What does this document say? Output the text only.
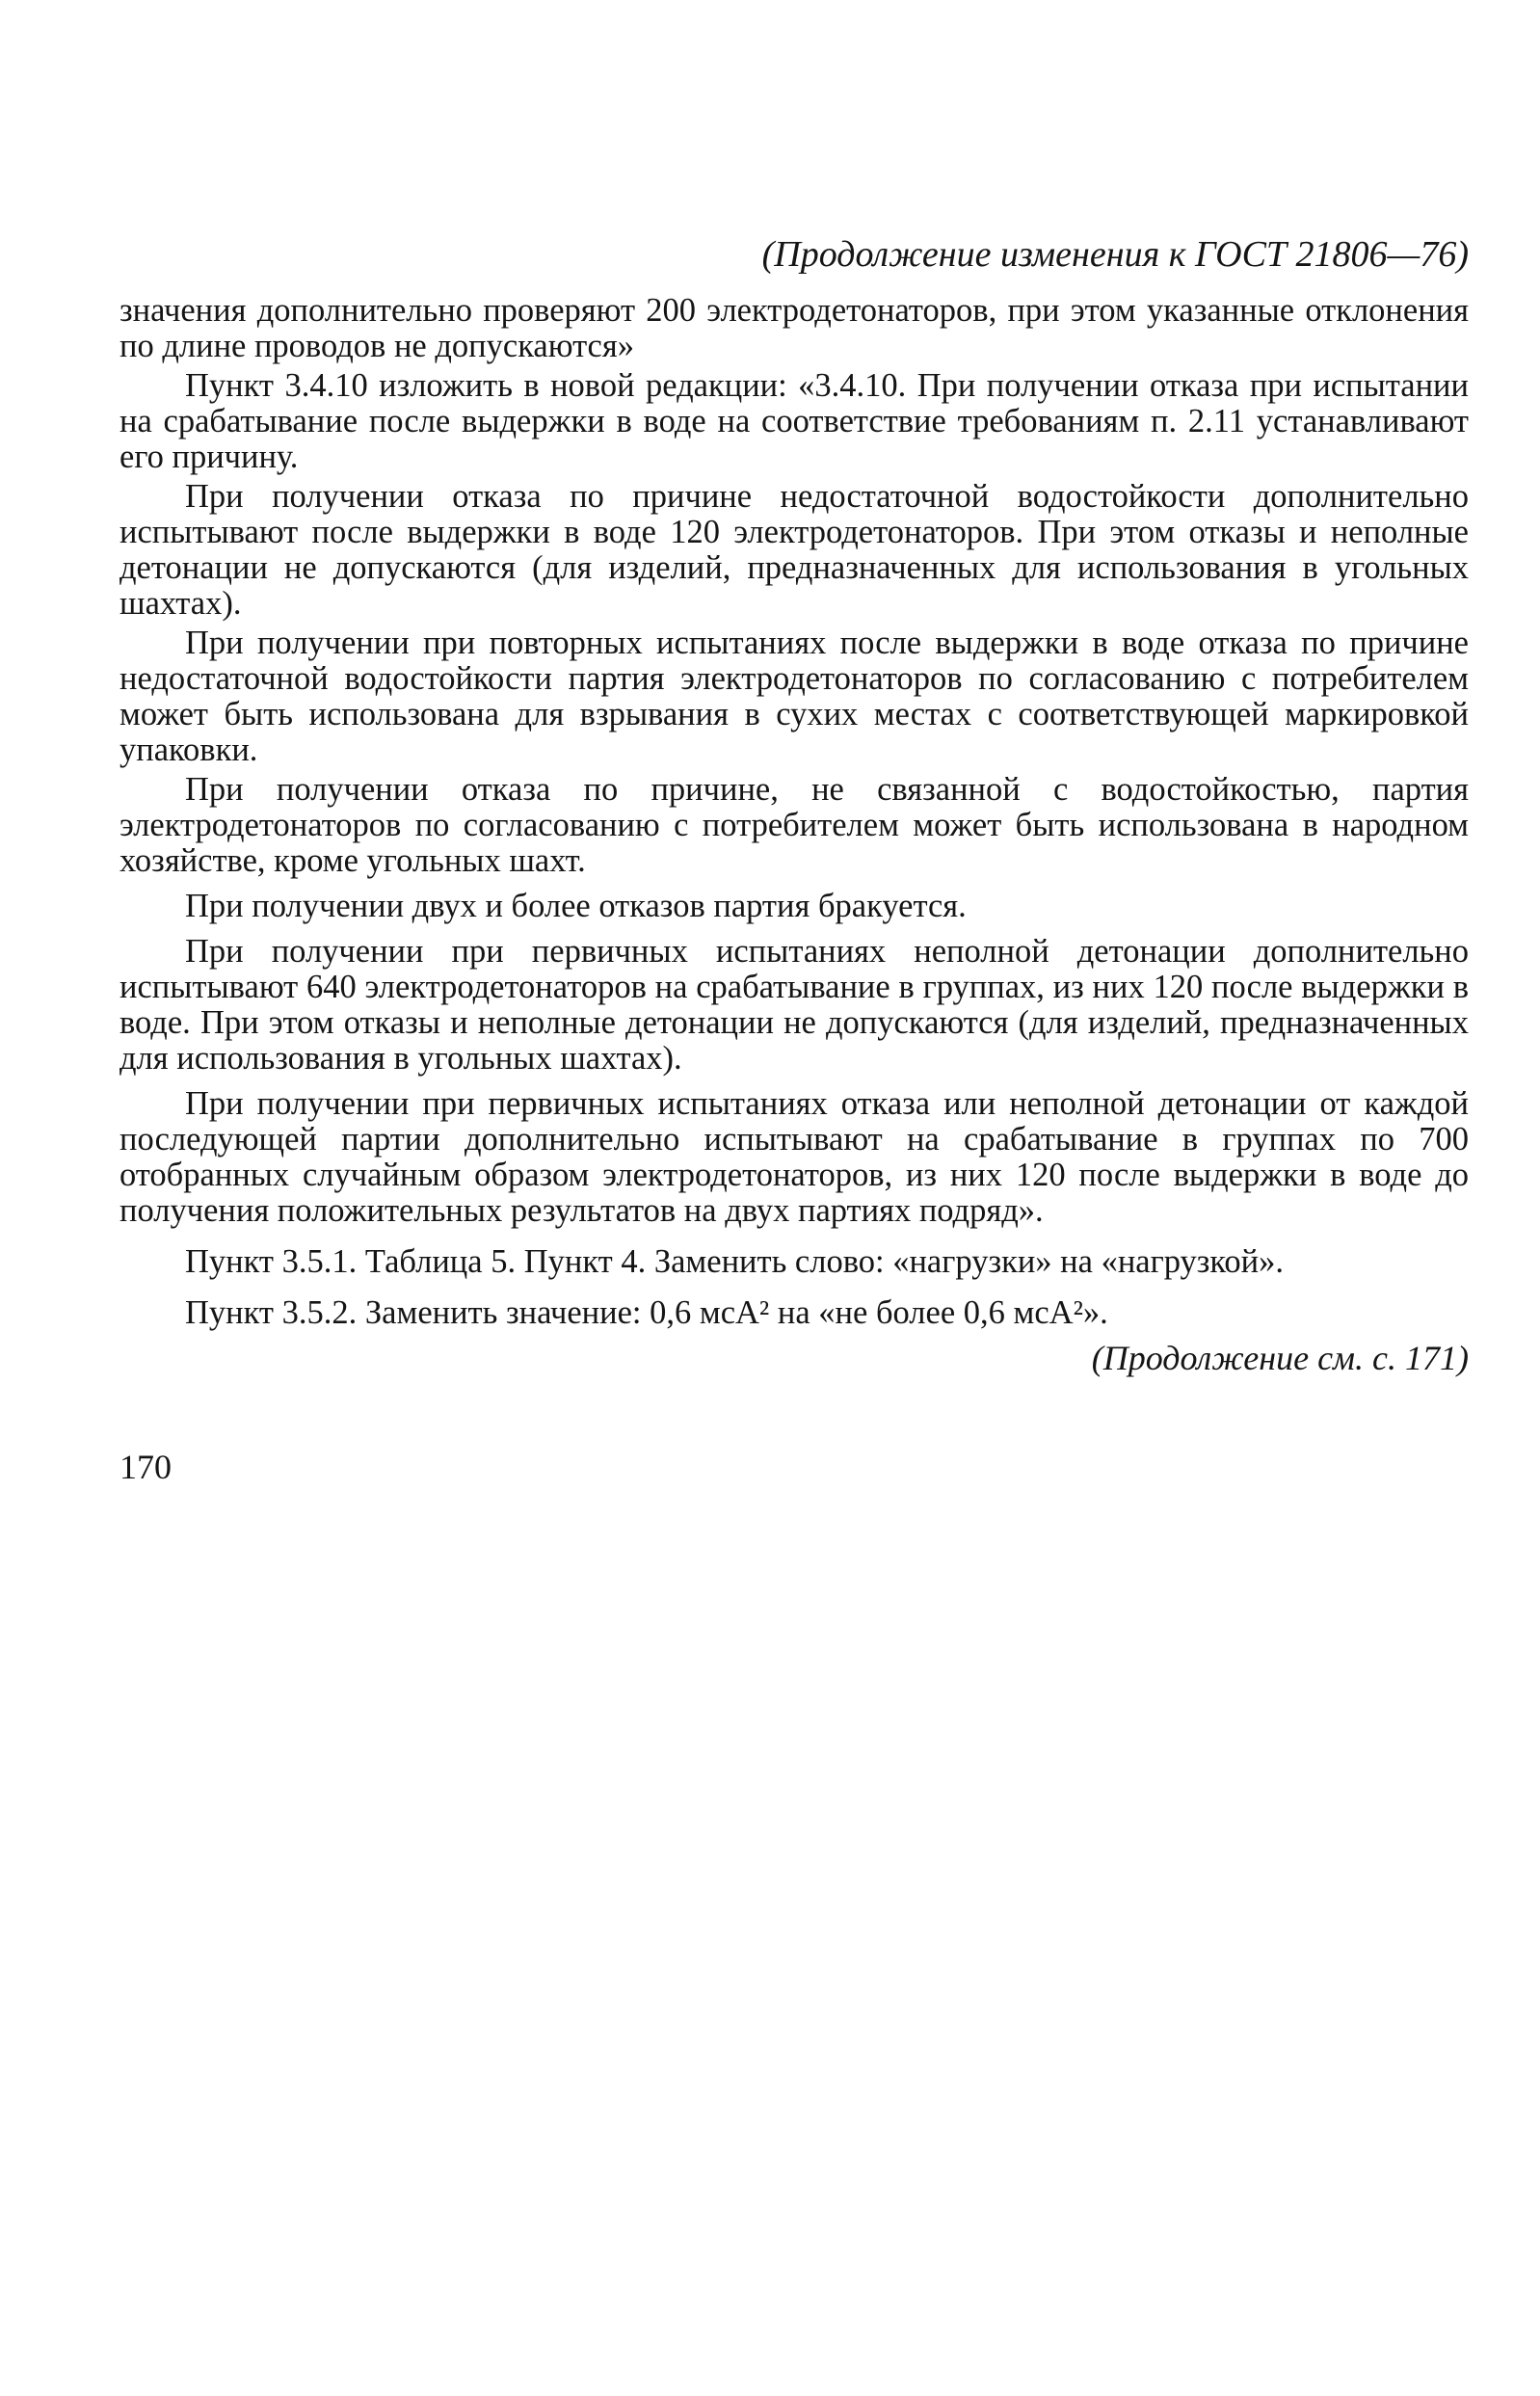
(Продолжение изменения к ГОСТ 21806—76)

значения дополнительно проверяют 200 электродетонаторов, при этом указанные отклонения по длине проводов не допускаются»

Пункт 3.4.10 изложить в новой редакции: «3.4.10. При получении отказа при испытании на срабатывание после выдержки в воде на соответствие требованиям п. 2.11 устанавливают его причину.

При получении отказа по причине недостаточной водостойкости дополнительно испытывают после выдержки в воде 120 электродетонаторов. При этом отказы и неполные детонации не допускаются (для изделий, предназначенных для использования в угольных шахтах).

При получении при повторных испытаниях после выдержки в воде отказа по причине недостаточной водостойкости партия электродетонаторов по согласованию с потребителем может быть использована для взрывания в сухих местах с соответствующей маркировкой упаковки.

При получении отказа по причине, не связанной с водостойкостью, партия электродетонаторов по согласованию с потребителем может быть использована в народном хозяйстве, кроме угольных шахт.

При получении двух и более отказов партия бракуется.

При получении при первичных испытаниях неполной детонации дополнительно испытывают 640 электродетонаторов на срабатывание в группах, из них 120 после выдержки в воде. При этом отказы и неполные детонации не допускаются (для изделий, предназначенных для использования в угольных шахтах).

При получении при первичных испытаниях отказа или неполной детонации от каждой последующей партии дополнительно испытывают на срабатывание в группах по 700 отобранных случайным образом электродетонаторов, из них 120 после выдержки в воде до получения положительных результатов на двух партиях подряд».

Пункт 3.5.1. Таблица 5. Пункт 4. Заменить слово: «нагрузки» на «нагрузкой».

Пункт 3.5.2. Заменить значение: 0,6 мсА² на «не более 0,6 мсА²».

(Продолжение см. с. 171)
170
